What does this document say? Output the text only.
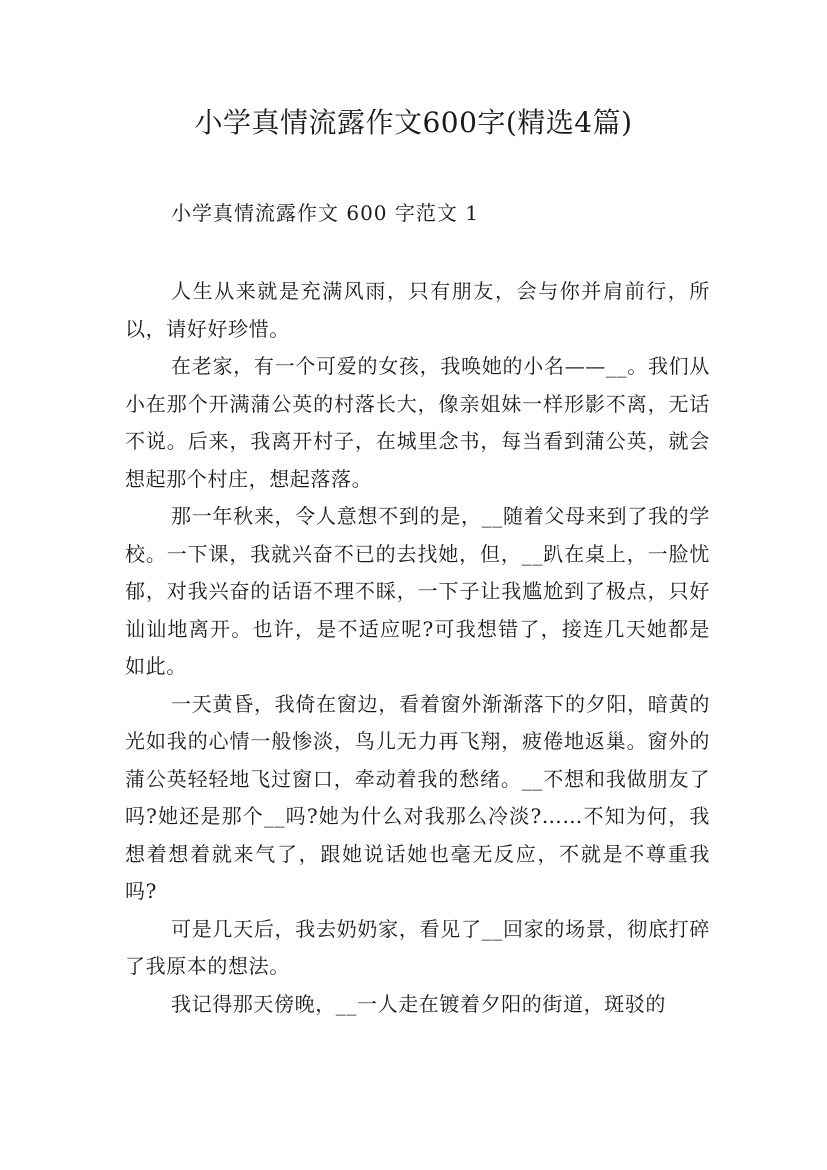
小学真情流露作文600字(精选4篇)

小学真情流露作文 600 字范文 1

人生从来就是充满风雨，只有朋友，会与你并肩前行，所以，请好好珍惜。

在老家，有一个可爱的女孩，我唤她的小名——__。我们从小在那个开满蒲公英的村落长大，像亲姐妹一样形影不离，无话不说。后来，我离开村子，在城里念书，每当看到蒲公英，就会想起那个村庄，想起落落。

那一年秋来，令人意想不到的是，__随着父母来到了我的学校。一下课，我就兴奋不已的去找她，但，__趴在桌上，一脸忧郁，对我兴奋的话语不理不睬，一下子让我尴尬到了极点，只好讪讪地离开。也许，是不适应呢?可我想错了，接连几天她都是如此。

一天黄昏，我倚在窗边，看着窗外渐渐落下的夕阳，暗黄的光如我的心情一般惨淡，鸟儿无力再飞翔，疲倦地返巢。窗外的蒲公英轻轻地飞过窗口，牵动着我的愁绪。__不想和我做朋友了吗?她还是那个__吗?她为什么对我那么冷淡?……不知为何，我想着想着就来气了，跟她说话她也毫无反应，不就是不尊重我吗?

可是几天后，我去奶奶家，看见了__回家的场景，彻底打碎了我原本的想法。

我记得那天傍晚，__一人走在镀着夕阳的街道，斑驳的
